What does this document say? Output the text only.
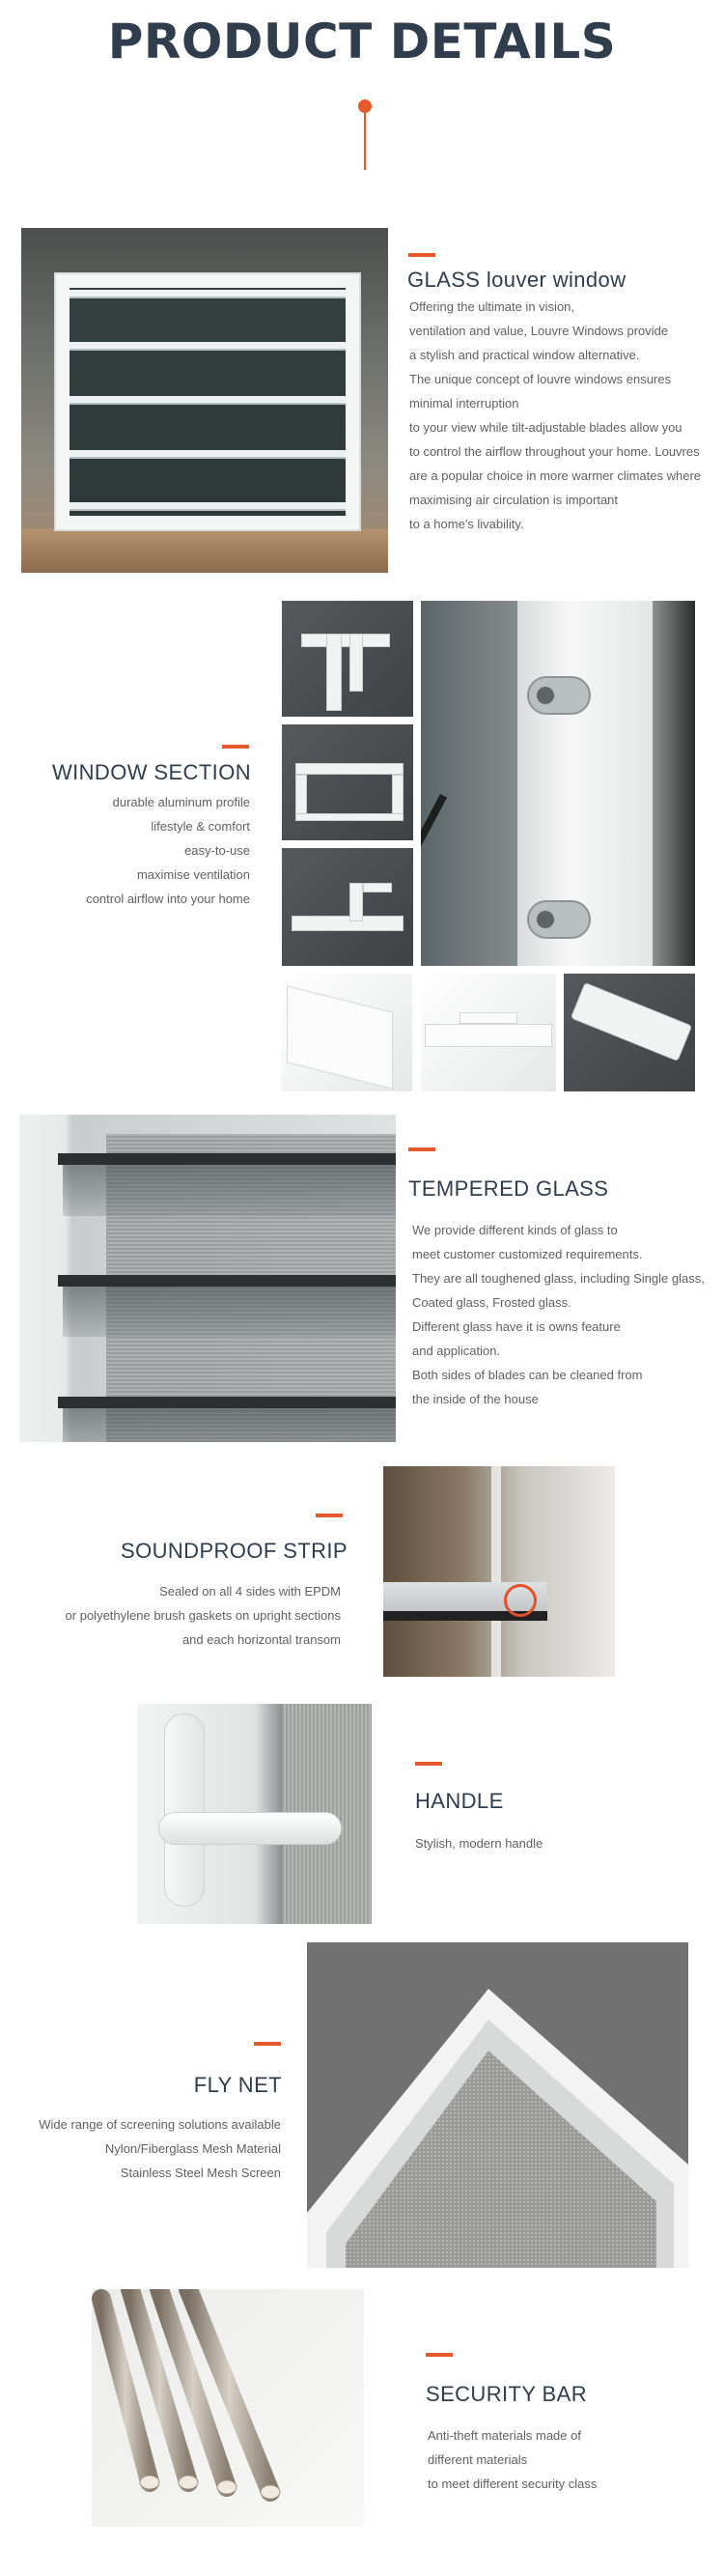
PRODUCT DETAILS
GLASS louver window
Offering the ultimate in vision,
ventilation and value, Louvre Windows provide
a stylish and practical window alternative.
The unique concept of louvre windows ensures
minimal interruption
to your view while tilt-adjustable blades allow you
to control the airflow throughout your home. Louvres
are a popular choice in more warmer climates where
maximising air circulation is important
to a home's livability.
WINDOW SECTION
durable aluminum profile
lifestyle & comfort
easy-to-use
maximise ventilation
control airflow into your home
TEMPERED GLASS
We provide different kinds of glass to
meet customer customized requirements.
They are all toughened glass, including Single glass,
Coated glass, Frosted glass.
Different glass have it is owns feature
and application.
Both sides of blades can be cleaned from
the inside of the house
SOUNDPROOF STRIP
Sealed on all 4 sides with EPDM
or polyethylene brush gaskets on upright sections
and each horizontal transom
HANDLE
Stylish, modern handle
FLY NET
Wide range of screening solutions available
Nylon/Fiberglass Mesh Material
Stainless Steel Mesh Screen
SECURITY BAR
Anti-theft materials made of
different materials
to meet different security class
